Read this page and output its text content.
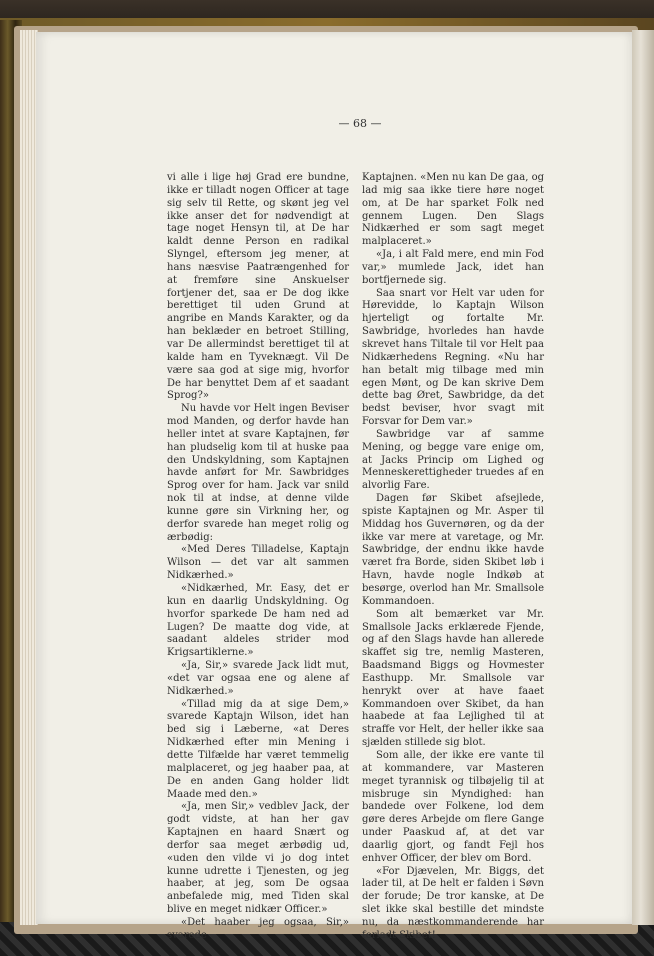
— 68 —

vi alle i lige høj Grad ere bundne, ikke er tilladt nogen Officer at tage sig selv til Rette, og skønt jeg vel ikke anser det for nødvendigt at tage noget Hensyn til, at De har kaldt denne Person en radikal Slyngel, eftersom jeg mener, at hans næsvise Paatrængenhed for at fremføre sine Anskuelser fortjener det, saa er De dog ikke berettiget til uden Grund at angribe en Mands Karakter, og da han beklæder en betroet Stilling, var De allermindst berettiget til at kalde ham en Tyveknægt. Vil De være saa god at sige mig, hvorfor De har benyttet Dem af et saadant Sprog?»

Nu havde vor Helt ingen Beviser mod Manden, og derfor havde han heller intet at svare Kaptajnen, før han pludselig kom til at huske paa den Undskyldning, som Kaptajnen havde anført for Mr. Sawbridges Sprog over for ham. Jack var snild nok til at indse, at denne vilde kunne gøre sin Virkning her, og derfor svarede han meget rolig og ærbødig:

«Med Deres Tilladelse, Kaptajn Wilson — det var alt sammen Nidkærhed.»

«Nidkærhed, Mr. Easy, det er kun en daarlig Undskyldning. Og hvorfor sparkede De ham ned ad Lugen? De maatte dog vide, at saadant aldeles strider mod Krigsartiklerne.»

«Ja, Sir,» svarede Jack lidt mut, «det var ogsaa ene og alene af Nidkærhed.»

«Tillad mig da at sige Dem,» svarede Kaptajn Wilson, idet han bed sig i Læberne, «at Deres Nidkærhed efter min Mening i dette Tilfælde har været temmelig malplaceret, og jeg haaber paa, at De en anden Gang holder lidt Maade med den.»

«Ja, men Sir,» vedblev Jack, der godt vidste, at han her gav Kaptajnen en haard Snært og derfor saa meget ærbødig ud, «uden den vilde vi jo dog intet kunne udrette i Tjenesten, og jeg haaber, at jeg, som De ogsaa anbefalede mig, med Tiden skal blive en meget nidkær Officer.»

«Det haaber jeg ogsaa, Sir,» svarede

Kaptajnen. «Men nu kan De gaa, og lad mig saa ikke tiere høre noget om, at De har sparket Folk ned gennem Lugen. Den Slags Nidkærhed er som sagt meget malplaceret.»

«Ja, i alt Fald mere, end min Fod var,» mumlede Jack, idet han bortfjernede sig.

Saa snart vor Helt var uden for Hørevidde, lo Kaptajn Wilson hjerteligt og fortalte Mr. Sawbridge, hvorledes han havde skrevet hans Tiltale til vor Helt paa Nidkærhedens Regning. «Nu har han betalt mig tilbage med min egen Mønt, og De kan skrive Dem dette bag Øret, Sawbridge, da det bedst beviser, hvor svagt mit Forsvar for Dem var.»

Sawbridge var af samme Mening, og begge vare enige om, at Jacks Princip om Lighed og Menneskerettigheder truedes af en alvorlig Fare.

Dagen før Skibet afsejlede, spiste Kaptajnen og Mr. Asper til Middag hos Guvernøren, og da der ikke var mere at varetage, og Mr. Sawbridge, der endnu ikke havde været fra Borde, siden Skibet løb i Havn, havde nogle Indkøb at besørge, overlod han Mr. Smallsole Kommandoen.

Som alt bemærket var Mr. Smallsole Jacks erklærede Fjende, og af den Slags havde han allerede skaffet sig tre, nemlig Masteren, Baadsmand Biggs og Hovmester Easthupp. Mr. Smallsole var henrykt over at have faaet Kommandoen over Skibet, da han haabede at faa Lejlighed til at straffe vor Helt, der heller ikke saa sjælden stillede sig blot.

Som alle, der ikke ere vante til at kommandere, var Masteren meget tyrannisk og tilbøjelig til at misbruge sin Myndighed: han bandede over Folkene, lod dem gøre deres Arbejde om flere Gange under Paaskud af, at det var daarlig gjort, og fandt Fejl hos enhver Officer, der blev om Bord.

«For Djævelen, Mr. Biggs, det lader til, at De helt er falden i Søvn der forude; De tror kanske, at De slet ikke skal bestille det mindste nu, da næstkommanderende har forladt Skibet!
